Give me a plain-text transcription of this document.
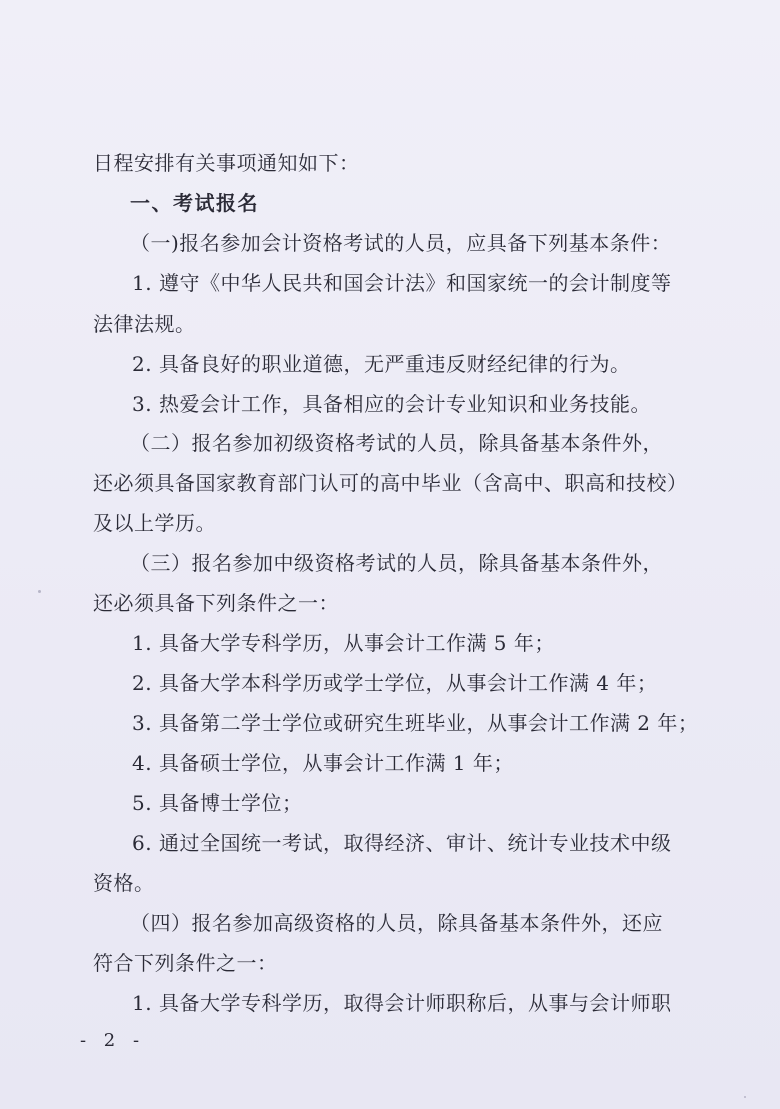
日程安排有关事项通知如下：
一、考试报名
（一)报名参加会计资格考试的人员，应具备下列基本条件：
1. 遵守《中华人民共和国会计法》和国家统一的会计制度等
法律法规。
2. 具备良好的职业道德，无严重违反财经纪律的行为。
3. 热爱会计工作，具备相应的会计专业知识和业务技能。
（二）报名参加初级资格考试的人员，除具备基本条件外，
还必须具备国家教育部门认可的高中毕业（含高中、职高和技校）
及以上学历。
（三）报名参加中级资格考试的人员，除具备基本条件外，
还必须具备下列条件之一：
1. 具备大学专科学历，从事会计工作满 5 年；
2. 具备大学本科学历或学士学位，从事会计工作满 4 年；
3. 具备第二学士学位或研究生班毕业，从事会计工作满 2 年；
4. 具备硕士学位，从事会计工作满 1 年；
5. 具备博士学位；
6. 通过全国统一考试，取得经济、审计、统计专业技术中级
资格。
（四）报名参加高级资格的人员，除具备基本条件外，还应
符合下列条件之一：
1. 具备大学专科学历，取得会计师职称后，从事与会计师职
- 2 -
